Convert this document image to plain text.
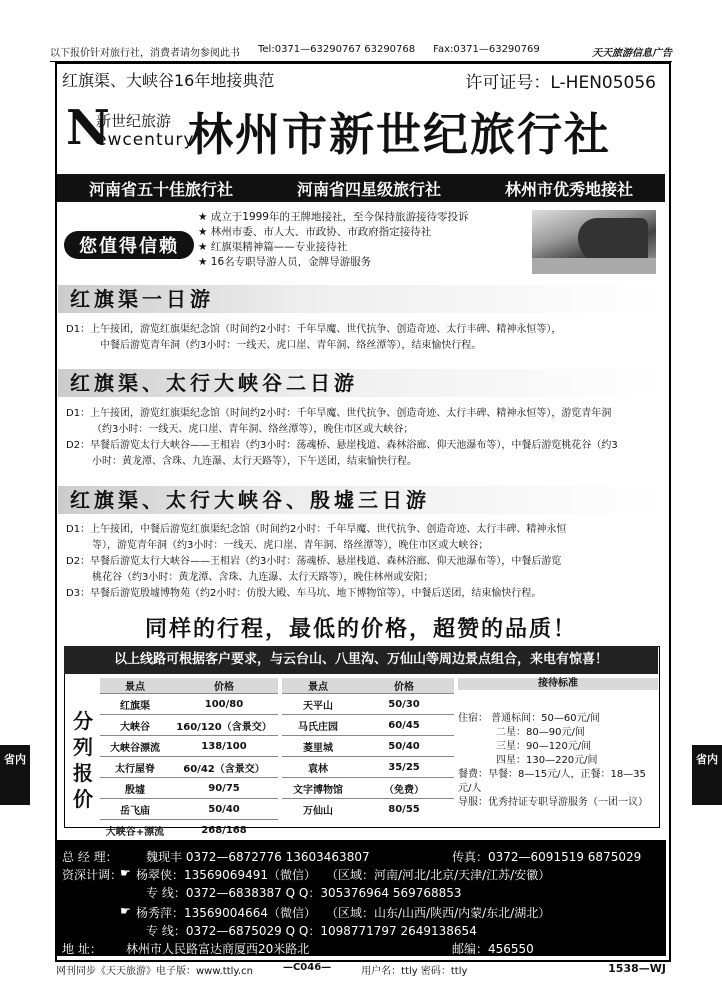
以下报价针对旅行社，消费者请勿参阅此书 Tel:0371—63290767 63290768 Fax:0371—63290769	天天旅游信息广告
红旗渠、大峡谷16年地接典范	许可证号：L-HEN05056
N
新世纪旅游
ewcentury
林州市新世纪旅行社
河南省五十佳旅行社	河南省四星级旅行社	林州市优秀地接社
您值得信赖
★ 成立于1999年的王牌地接社，至今保持旅游接待零投诉
★ 林州市委、市人大、市政协、市政府指定接待社
★ 红旗渠精神篇——专业接待社
★ 16名专职导游人员，金牌导游服务
红旗渠一日游

D1：上午接团，游览红旗渠纪念馆（时间约2小时：千年旱魔、世代抗争、创造奇迹、太行丰碑、精神永恒等），

中餐后游览青年洞（约3小时：一线天、虎口崖、青年洞、络丝潭等），结束愉快行程。

红旗渠、太行大峡谷二日游

D1：上午接团，游览红旗渠纪念馆（时间约2小时：千年旱魔、世代抗争、创造奇迹、太行丰碑、精神永恒等），游览青年洞

（约3小时：一线天、虎口崖、青年洞、络丝潭等），晚住市区或大峡谷；

D2：早餐后游览太行大峡谷——王相岩（约3小时：荡魂桥、悬崖栈道、森林浴廊、仰天池瀑布等），中餐后游览桃花谷（约3

小时：黄龙潭、含珠、九连瀑、太行天路等），下午送团，结束愉快行程。

红旗渠、太行大峡谷、殷墟三日游

D1：上午接团，中餐后游览红旗渠纪念馆（时间约2小时：千年旱魔、世代抗争、创造奇迹、太行丰碑、精神永恒

等），游览青年洞（约3小时：一线天、虎口崖、青年洞、络丝潭等），晚住市区或大峡谷；

D2：早餐后游览太行大峡谷——王相岩（约3小时：荡魂桥、悬崖栈道、森林浴廊、仰天池瀑布等），中餐后游览

桃花谷（约3小时：黄龙潭、含珠、九连瀑、太行天路等），晚住林州或安阳；

D3：早餐后游览殷墟博物苑（约2小时：仿殷大殿、车马坑、地下博物馆等），中餐后送团，结束愉快行程。

同样的行程，最低的价格，超赞的品质！
以上线路可根据客户要求，与云台山、八里沟、万仙山等周边景点组合，来电有惊喜！
分列报价
景点	价格
红旗渠	100/80
大峡谷	160/120（含景交）
大峡谷漂流	138/100
太行屋脊	60/42（含景交）
殷墟	90/75
岳飞庙	50/40
大峡谷+漂流	268/168
景点	价格
天平山	50/30
马氏庄园	60/45
菱里城	50/40
袁林	35/25
文字博物馆	（免费）
万仙山	80/55
接待标准

住宿： 普通标间：50—60元/间

二星：80—90元/间

三星：90—120元/间

四星：130—220元/间

餐费：早餐：8—15元/人，正餐：18—35元/人

导服：优秀持证专职导游服务（一团一议）

省内	省内
总 经 理： 魏现丰 0372—6872776 13603463807	传真：0372—6091519 6875029
资深计调：
☛ 杨翠侠：13569069491（微信） （区域：河南/河北/北京/天津/江苏/安徽）
专 线：0372—6838387 Q Q：305376964 569768853
☛ 杨秀萍：13569004664（微信） （区域：山东/山西/陕西/内蒙/东北/湖北）
专 线：0372—6875029 Q Q：1098771797 2649138654
地 址： 林州市人民路富达商厦西20米路北	邮编：456550
网刊同步《天天旅游》电子版：www.ttly.cn	—C046—	用户名：ttly 密码：ttly	1538—WJ
